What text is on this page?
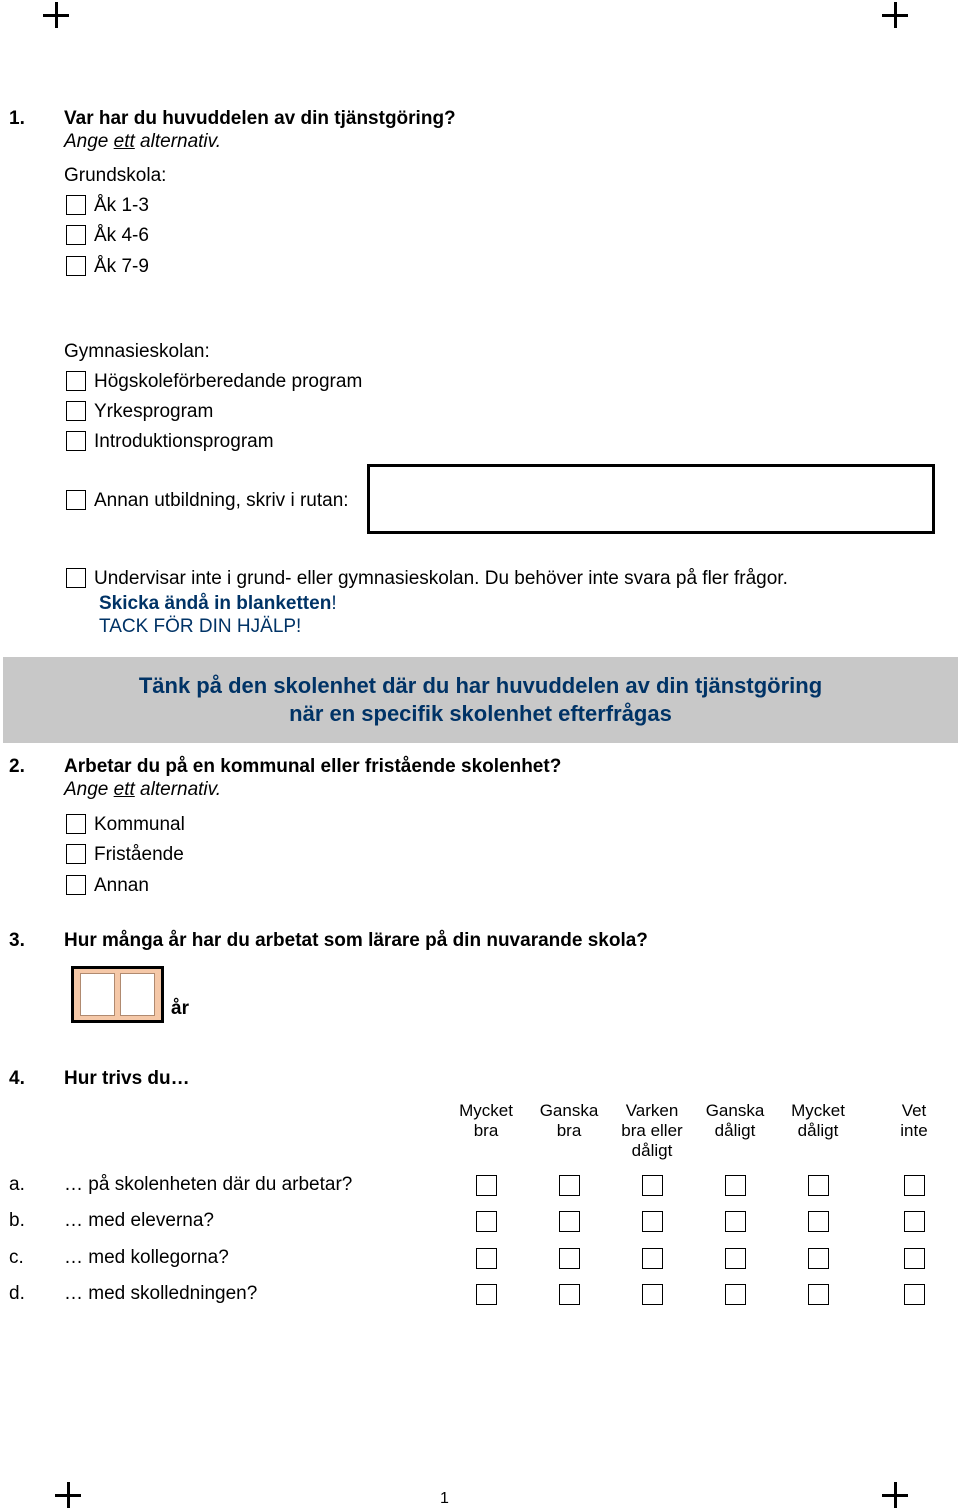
1. Var har du huvuddelen av din tjänstgöring?
Ange ett alternativ.
Grundskola:
Åk 1-3
Åk 4-6
Åk 7-9
Gymnasieskolan:
Högskoleförberedande program
Yrkesprogram
Introduktionsprogram
Annan utbildning, skriv i rutan:
Undervisar inte i grund- eller gymnasieskolan. Du behöver inte svara på fler frågor.
Skicka ändå in blanketten!
TACK FÖR DIN HJÄLP!
Tänk på den skolenhet där du har huvuddelen av din tjänstgöring
när en specifik skolenhet efterfrågas
2. Arbetar du på en kommunal eller fristående skolenhet?
Ange ett alternativ.
Kommunal
Fristående
Annan
3. Hur många år har du arbetat som lärare på din nuvarande skola?
år
4. Hur trivs du…
Mycket
bra
Ganska
bra
Varken
bra eller
dåligt
Ganska
dåligt
Mycket
dåligt
Vet
inte
a. … på skolenheten där du arbetar?
b. … med eleverna?
c. … med kollegorna?
d. … med skolledningen?
1
